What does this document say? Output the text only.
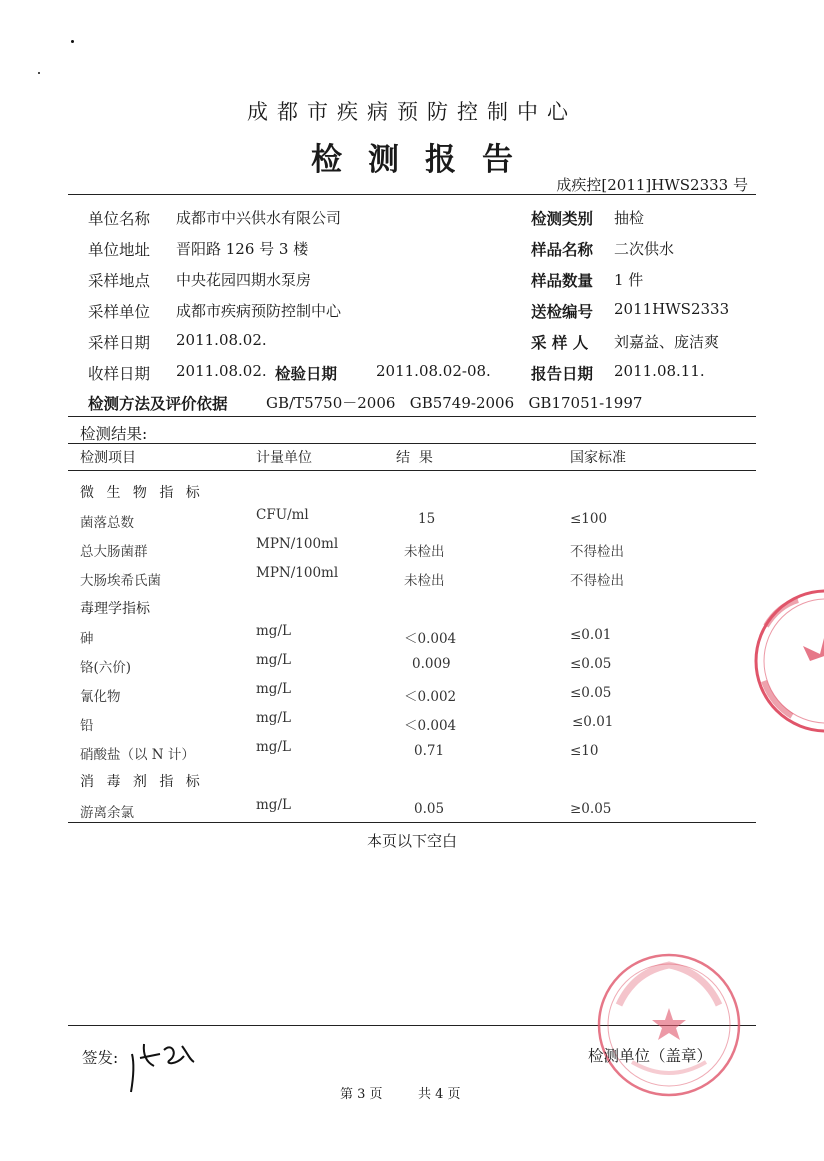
成都市疾病预防控制中心
检测报告
成疾控[2011]HWS2333 号
单位名称 成都市中兴供水有限公司	检测类别 抽检
单位地址 晋阳路 126 号 3 楼	样品名称 二次供水
采样地点 中央花园四期水泵房	样品数量 1 件
采样单位 成都市疾病预防控制中心	送检编号 2011HWS2333
采样日期 2011.08.02.	采 样 人 刘嘉益、庞洁爽
收样日期 2011.08.02. 检验日期	2011.08.02-08.	报告日期 2011.08.11.
检测方法及评价依据	GB/T5750－2006   GB5749-2006   GB17051-1997
检测结果:
检测项目	计量单位	结  果	国家标准
微 生 物 指 标
菌落总数	CFU/ml	15	≤100
总大肠菌群	MPN/100ml	未检出	不得检出
大肠埃希氏菌	MPN/100ml	未检出	不得检出
毒理学指标
砷	mg/L	＜0.004	≤0.01
铬(六价)	mg/L	0.009	≤0.05
氰化物	mg/L	＜0.002	≤0.05
铅	mg/L	＜0.004	≤0.01
硝酸盐（以 N 计）	mg/L	0.71	≤10
消 毒 剂 指 标
游离余氯	mg/L	0.05	≥0.05
本页以下空白
签发:	检测单位（盖章）
第 3 页	共 4 页
